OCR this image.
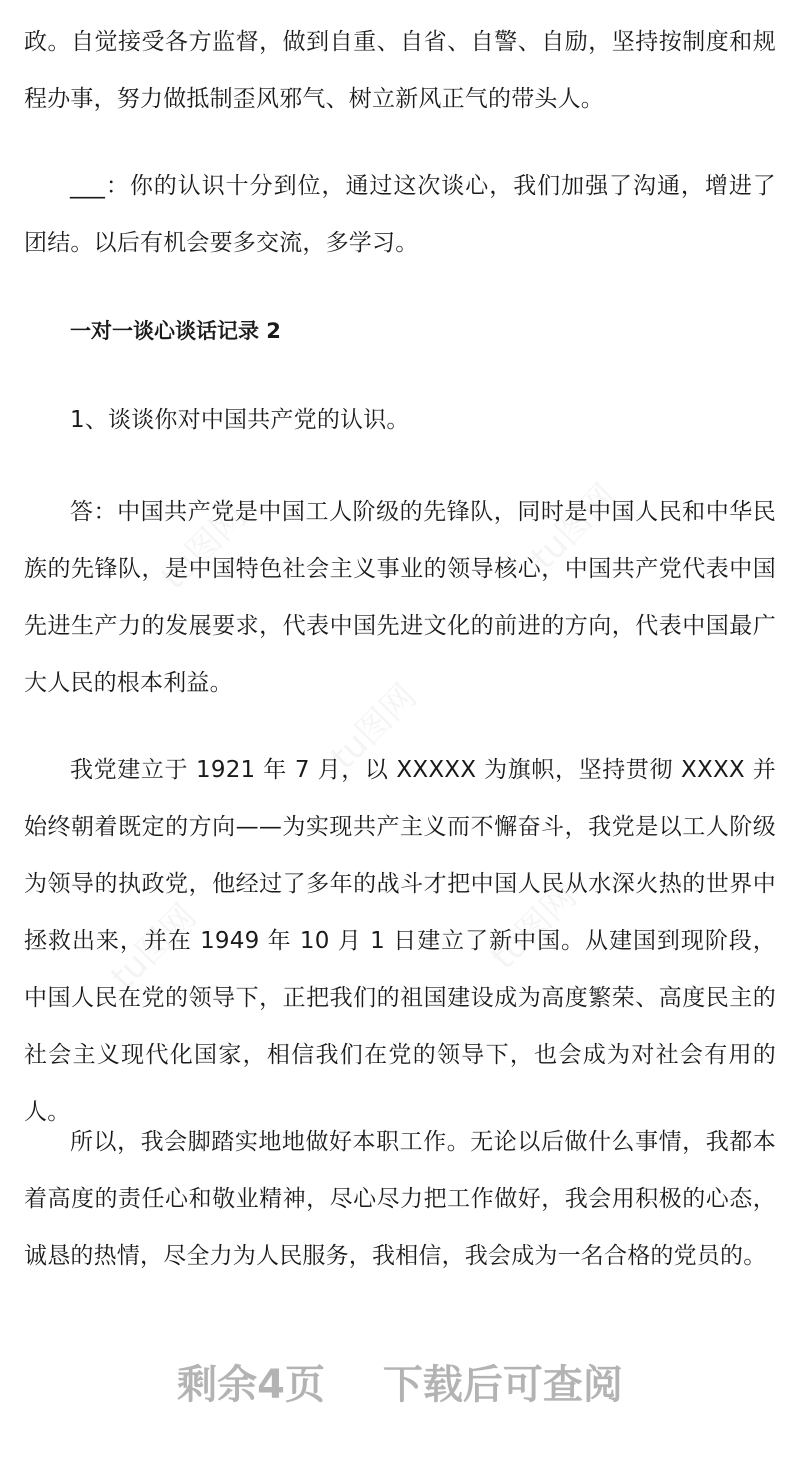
tu图网	tu图网
tu图网
tu图网	tu图网

政。自觉接受各方监督，做到自重、自省、自警、自励，坚持按制度和规程办事，努力做抵制歪风邪气、树立新风正气的带头人。

___：你的认识十分到位，通过这次谈心，我们加强了沟通，增进了团结。以后有机会要多交流，多学习。

一对一谈心谈话记录 2

1、谈谈你对中国共产党的认识。

答：中国共产党是中国工人阶级的先锋队，同时是中国人民和中华民族的先锋队，是中国特色社会主义事业的领导核心，中国共产党代表中国先进生产力的发展要求，代表中国先进文化的前进的方向，代表中国最广大人民的根本利益。

我党建立于 1921 年 7 月，以 XXXXX 为旗帜，坚持贯彻 XXXX 并始终朝着既定的方向——为实现共产主义而不懈奋斗，我党是以工人阶级为领导的执政党，他经过了多年的战斗才把中国人民从水深火热的世界中拯救出来，并在 1949 年 10 月 1 日建立了新中国。从建国到现阶段，中国人民在党的领导下，正把我们的祖国建设成为高度繁荣、高度民主的社会主义现代化国家，相信我们在党的领导下，也会成为对社会有用的人。

所以，我会脚踏实地地做好本职工作。无论以后做什么事情，我都本着高度的责任心和敬业精神，尽心尽力把工作做好，我会用积极的心态，诚恳的热情，尽全力为人民服务，我相信，我会成为一名合格的党员的。

剩余4页 下载后可查阅
